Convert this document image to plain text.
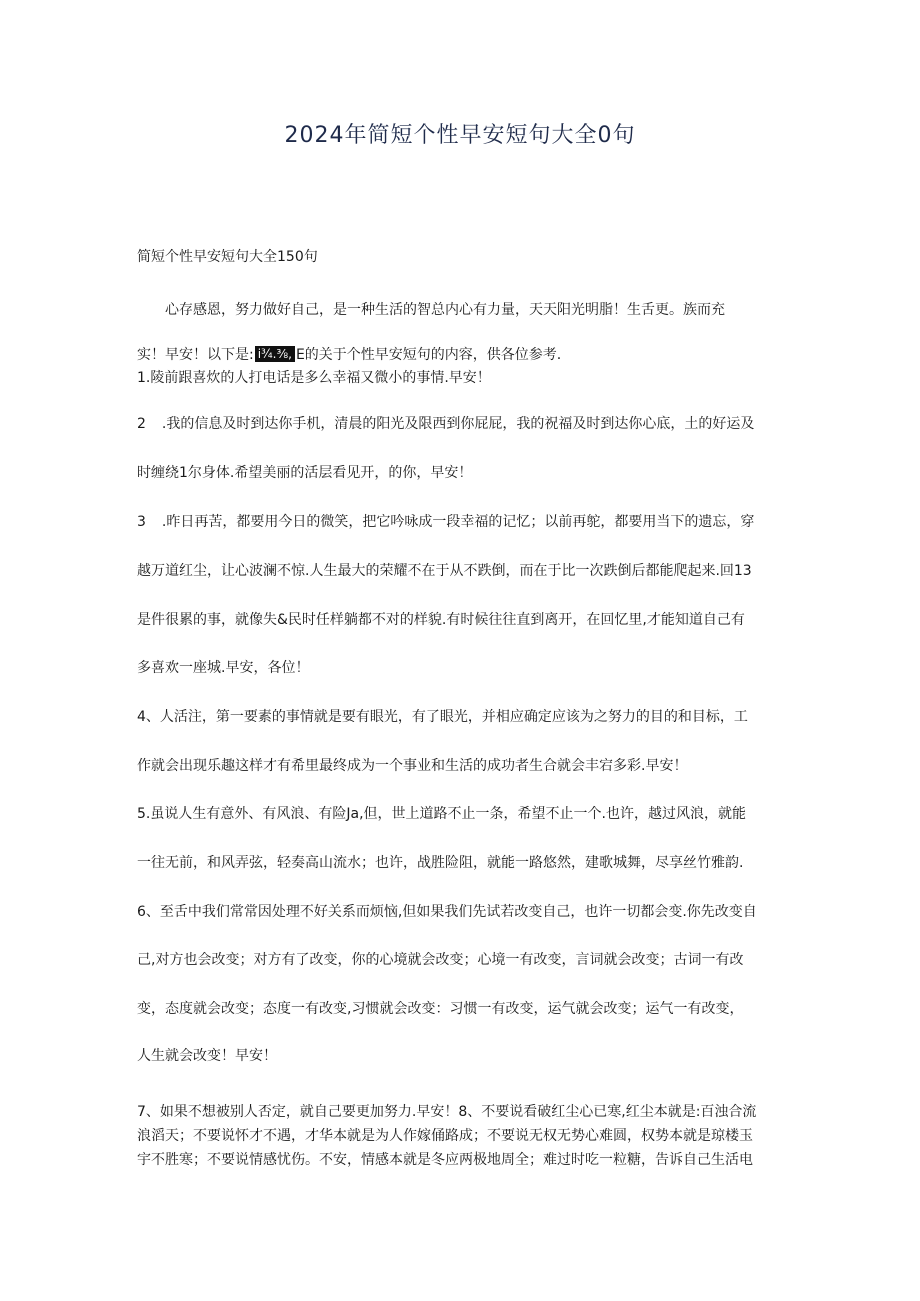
2024年简短个性早安短句大全0句
简短个性早安短句大全150句
心存感恩，努力做好自己，是一种生活的智总内心有力量，天天阳光明脂！生舌更。族而充
实！早安！以下是: i¾.⅜, E的关于个性早安短句的内容，供各位参考.
1.陵前跟喜炊的人打电话是多么幸福又微小的事情.早安！
2 .我的信息及时到达你手机，清晨的阳光及限西到你屁屁，我的祝福及时到达你心底，土的好运及
时缠绕1尔身体.希望美丽的活层看见开，的你，早安！
3 .昨日再苦，都要用今日的微笑，把它吟咏成一段幸福的记忆；以前再鸵，都要用当下的遗忘，穿
越万道红尘，让心波澜不惊.人生最大的荣耀不在于从不跌倒，而在于比一次跌倒后都能爬起来.回13
是件很累的事，就像失&民时任样躺都不对的样貌.有时候往往直到离开，在回忆里,才能知道自己有
多喜欢一座城.早安，各位！
4、人活注，第一要素的事情就是要有眼光，有了眼光，并相应确定应该为之努力的目的和目标，工
作就会出现乐趣这样才有希里最终成为一个事业和生活的成功者生合就会丰宕多彩.早安！
5.虽说人生有意外、有风浪、有险Ja,但，世上道路不止一条，希望不止一个.也许，越过风浪，就能
一往无前，和风弄弦，轻奏高山流水；也许，战胜险阻，就能一路悠然，建歌城舞，尽享丝竹雅韵.
6、至舌中我们常常因处理不好关系而烦恼,但如果我们先试若改变自己，也许一切都会变.你先改变自
己,对方也会改变；对方有了改变，你的心境就会改变；心境一有改变，言词就会改变；古词一有改
变，态度就会改变；态度一有改变,习惯就会改变：习惯一有改变，运气就会改变；运气一有改变，
人生就会改变！早安！
7、如果不想被别人否定，就自己要更加努力.早安！8、不要说看破红尘心已寒,红尘本就是:百浊合流
浪滔天；不要说怀才不遇，才华本就是为人作嫁俑路成；不要说无权无势心难圆，权势本就是琼楼玉
宇不胜寒；不要说情感忧伤。不安，情感本就是冬应两极地周全；难过时吃一粒糖，告诉自己生活电
